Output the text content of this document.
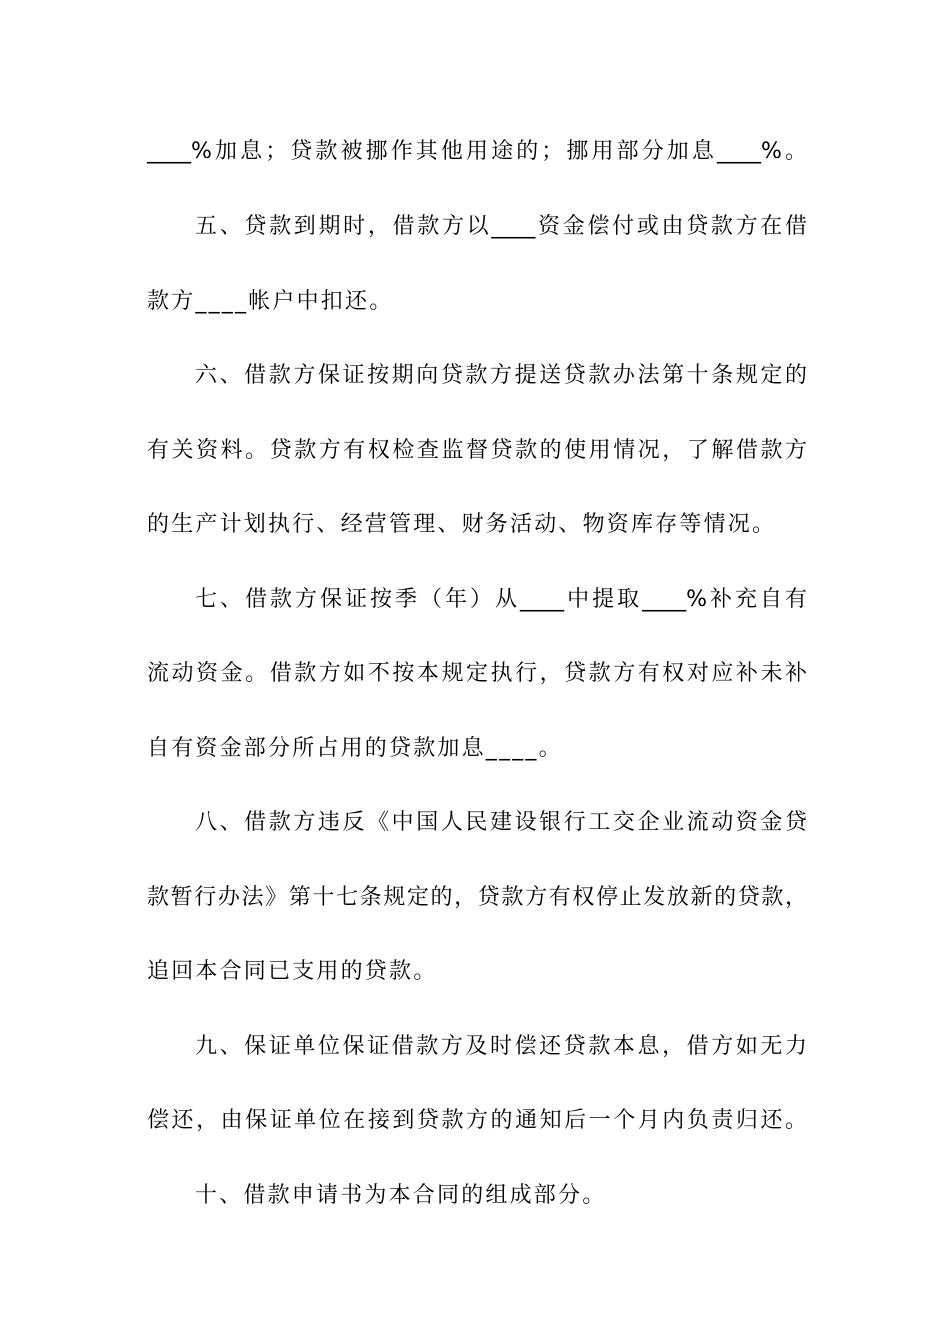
____%加息；贷款被挪作其他用途的；挪用部分加息____%。
五、贷款到期时，借款方以____资金偿付或由贷款方在借
款方____帐户中扣还。
六、借款方保证按期向贷款方提送贷款办法第十条规定的
有关资料。贷款方有权检查监督贷款的使用情况，了解借款方
的生产计划执行、经营管理、财务活动、物资库存等情况。
七、借款方保证按季（年）从____中提取____%补充自有
流动资金。借款方如不按本规定执行，贷款方有权对应补未补
自有资金部分所占用的贷款加息____。
八、借款方违反《中国人民建设银行工交企业流动资金贷
款暂行办法》第十七条规定的，贷款方有权停止发放新的贷款，
追回本合同已支用的贷款。
九、保证单位保证借款方及时偿还贷款本息，借方如无力
偿还，由保证单位在接到贷款方的通知后一个月内负责归还。
十、借款申请书为本合同的组成部分。
